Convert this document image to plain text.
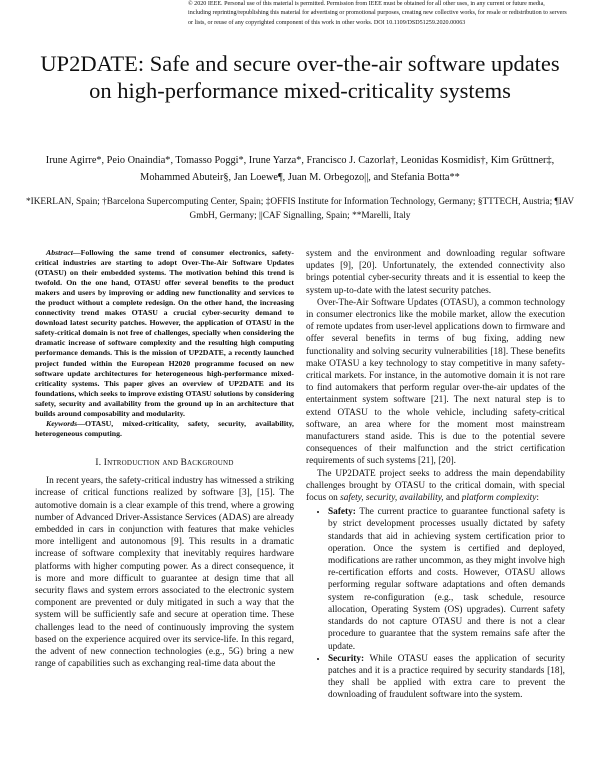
© 2020 IEEE. Personal use of this material is permitted. Permission from IEEE must be obtained for all other uses, in any current or future media, including reprinting/republishing this material for advertising or promotional purposes, creating new collective works, for resale or redistribution to servers or lists, or reuse of any copyrighted component of this work in other works. DOI 10.1109/DSD51259.2020.00063
UP2DATE: Safe and secure over-the-air software updates on high-performance mixed-criticality systems
Irune Agirre*, Peio Onaindia*, Tomasso Poggi*, Irune Yarza*, Francisco J. Cazorla†, Leonidas Kosmidis†, Kim Grüttner‡, Mohammed Abuteir§, Jan Loewe¶, Juan M. Orbegozo||, and Stefania Botta**
*IKERLAN, Spain; †Barcelona Supercomputing Center, Spain; ‡OFFIS Institute for Information Technology, Germany; §TTTECH, Austria; ¶IAV GmbH, Germany; ||CAF Signalling, Spain; **Marelli, Italy
Abstract—Following the same trend of consumer electronics, safety-critical industries are starting to adopt Over-The-Air Software Updates (OTASU) on their embedded systems. The motivation behind this trend is twofold. On the one hand, OTASU offer several benefits to the product makers and users by improving or adding new functionality and services to the product without a complete redesign. On the other hand, the increasing connectivity trend makes OTASU a crucial cyber-security demand to download latest security patches. However, the application of OTASU in the safety-critical domain is not free of challenges, specially when considering the dramatic increase of software complexity and the resulting high computing performance demands. This is the mission of UP2DATE, a recently launched project funded within the European H2020 programme focused on new software update architectures for heterogeneous high-performance mixed-criticality systems. This paper gives an overview of UP2DATE and its foundations, which seeks to improve existing OTASU solutions by considering safety, security and availability from the ground up in an architecture that builds around composability and modularity.
Keywords—OTASU, mixed-criticality, safety, security, availability, heterogeneous computing.
I. Introduction and Background

In recent years, the safety-critical industry has witnessed a striking increase of critical functions realized by software [3], [15]. The automotive domain is a clear example of this trend, where a growing number of Advanced Driver-Assistance Services (ADAS) are already embedded in cars in conjunction with features that make vehicles more intelligent and autonomous [9]. This results in a dramatic increase of software complexity that inevitably requires hardware platforms with higher computing power. As a direct consequence, it is more and more difficult to guarantee at design time that all security flaws and system errors associated to the electronic system component are prevented or duly mitigated in such a way that the system will be sufficiently safe and secure at operation time. These challenges lead to the need of continuously improving the system based on the experience acquired over its service-life. In this regard, the advent of new connection technologies (e.g., 5G) bring a new range of capabilities such as exchanging real-time data about the

system and the environment and downloading regular software updates [9], [20]. Unfortunately, the extended connectivity also brings potential cyber-security threats and it is essential to keep the system up-to-date with the latest security patches.

Over-The-Air Software Updates (OTASU), a common technology in consumer electronics like the mobile market, allow the execution of remote updates from user-level applications down to firmware and offer several benefits in terms of bug fixing, adding new functionality and solving security vulnerabilities [18]. These benefits make OTASU a key technology to stay competitive in many safety-critical markets. For instance, in the automotive domain it is not rare to find automakers that perform regular over-the-air updates of the entertainment system software [21]. The next natural step is to extend OTASU to the whole vehicle, including safety-critical software, an area where for the moment most mainstream manufacturers stand aside. This is due to the potential severe consequences of their malfunction and the strict certification requirements of such systems [21], [20].

The UP2DATE project seeks to address the main dependability challenges brought by OTASU to the critical domain, with special focus on safety, security, availability, and platform complexity:

• Safety: The current practice to guarantee functional safety is by strict development processes usually dictated by safety standards that aid in achieving system certification prior to operation. Once the system is certified and deployed, modifications are rather uncommon, as they might involve high re-certification efforts and costs. However, OTASU allows performing regular software adaptations and often demands system re-configuration (e.g., task schedule, resource allocation, Operating System (OS) upgrades). Current safety standards do not capture OTASU and there is not a clear procedure to guarantee that the system remains safe after the update.
• Security: While OTASU eases the application of security patches and it is a practice required by security standards [18], they shall be applied with extra care to prevent the downloading of fraudulent software into the system.
